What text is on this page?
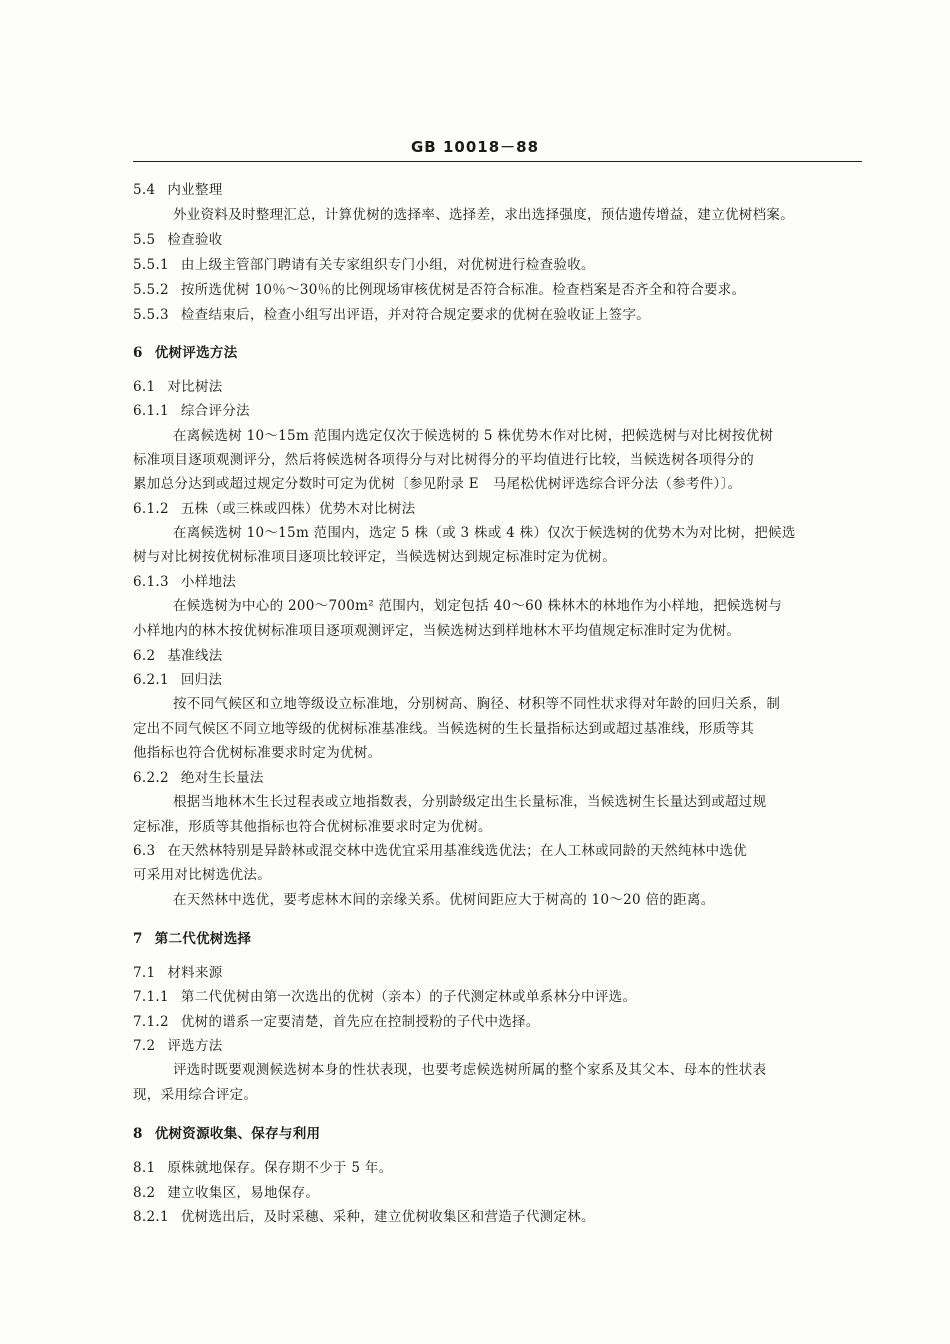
GB 10018－88
5.4 内业整理
外业资料及时整理汇总，计算优树的选择率、选择差，求出选择强度，预估遗传增益，建立优树档案。
5.5 检查验收
5.5.1 由上级主管部门聘请有关专家组织专门小组，对优树进行检查验收。
5.5.2 按所选优树 10％～30％的比例现场审核优树是否符合标准。检查档案是否齐全和符合要求。
5.5.3 检查结束后，检查小组写出评语，并对符合规定要求的优树在验收证上签字。
6 优树评选方法
6.1 对比树法
6.1.1 综合评分法
在离候选树 10～15m 范围内选定仅次于候选树的 5 株优势木作对比树，把候选树与对比树按优树
标准项目逐项观测评分，然后将候选树各项得分与对比树得分的平均值进行比较，当候选树各项得分的
累加总分达到或超过规定分数时可定为优树〔参见附录 E　马尾松优树评选综合评分法（参考件）〕。
6.1.2 五株（或三株或四株）优势木对比树法
在离候选树 10～15m 范围内，选定 5 株（或 3 株或 4 株）仅次于候选树的优势木为对比树，把候选
树与对比树按优树标准项目逐项比较评定，当候选树达到规定标准时定为优树。
6.1.3 小样地法
在候选树为中心的 200～700m² 范围内，划定包括 40～60 株林木的林地作为小样地，把候选树与
小样地内的林木按优树标准项目逐项观测评定，当候选树达到样地林木平均值规定标准时定为优树。
6.2 基准线法
6.2.1 回归法
按不同气候区和立地等级设立标准地，分别树高、胸径、材积等不同性状求得对年龄的回归关系，制
定出不同气候区不同立地等级的优树标准基准线。当候选树的生长量指标达到或超过基准线，形质等其
他指标也符合优树标准要求时定为优树。
6.2.2 绝对生长量法
根据当地林木生长过程表或立地指数表，分别龄级定出生长量标准，当候选树生长量达到或超过规
定标准，形质等其他指标也符合优树标准要求时定为优树。
6.3 在天然林特别是异龄林或混交林中选优宜采用基准线选优法；在人工林或同龄的天然纯林中选优
可采用对比树选优法。
在天然林中选优，要考虑林木间的亲缘关系。优树间距应大于树高的 10～20 倍的距离。
7 第二代优树选择
7.1 材料来源
7.1.1 第二代优树由第一次选出的优树（亲本）的子代测定林或单系林分中评选。
7.1.2 优树的谱系一定要清楚，首先应在控制授粉的子代中选择。
7.2 评选方法
评选时既要观测候选树本身的性状表现，也要考虑候选树所属的整个家系及其父本、母本的性状表
现，采用综合评定。
8 优树资源收集、保存与利用
8.1 原株就地保存。保存期不少于 5 年。
8.2 建立收集区，易地保存。
8.2.1 优树选出后，及时采穗、采种，建立优树收集区和营造子代测定林。
